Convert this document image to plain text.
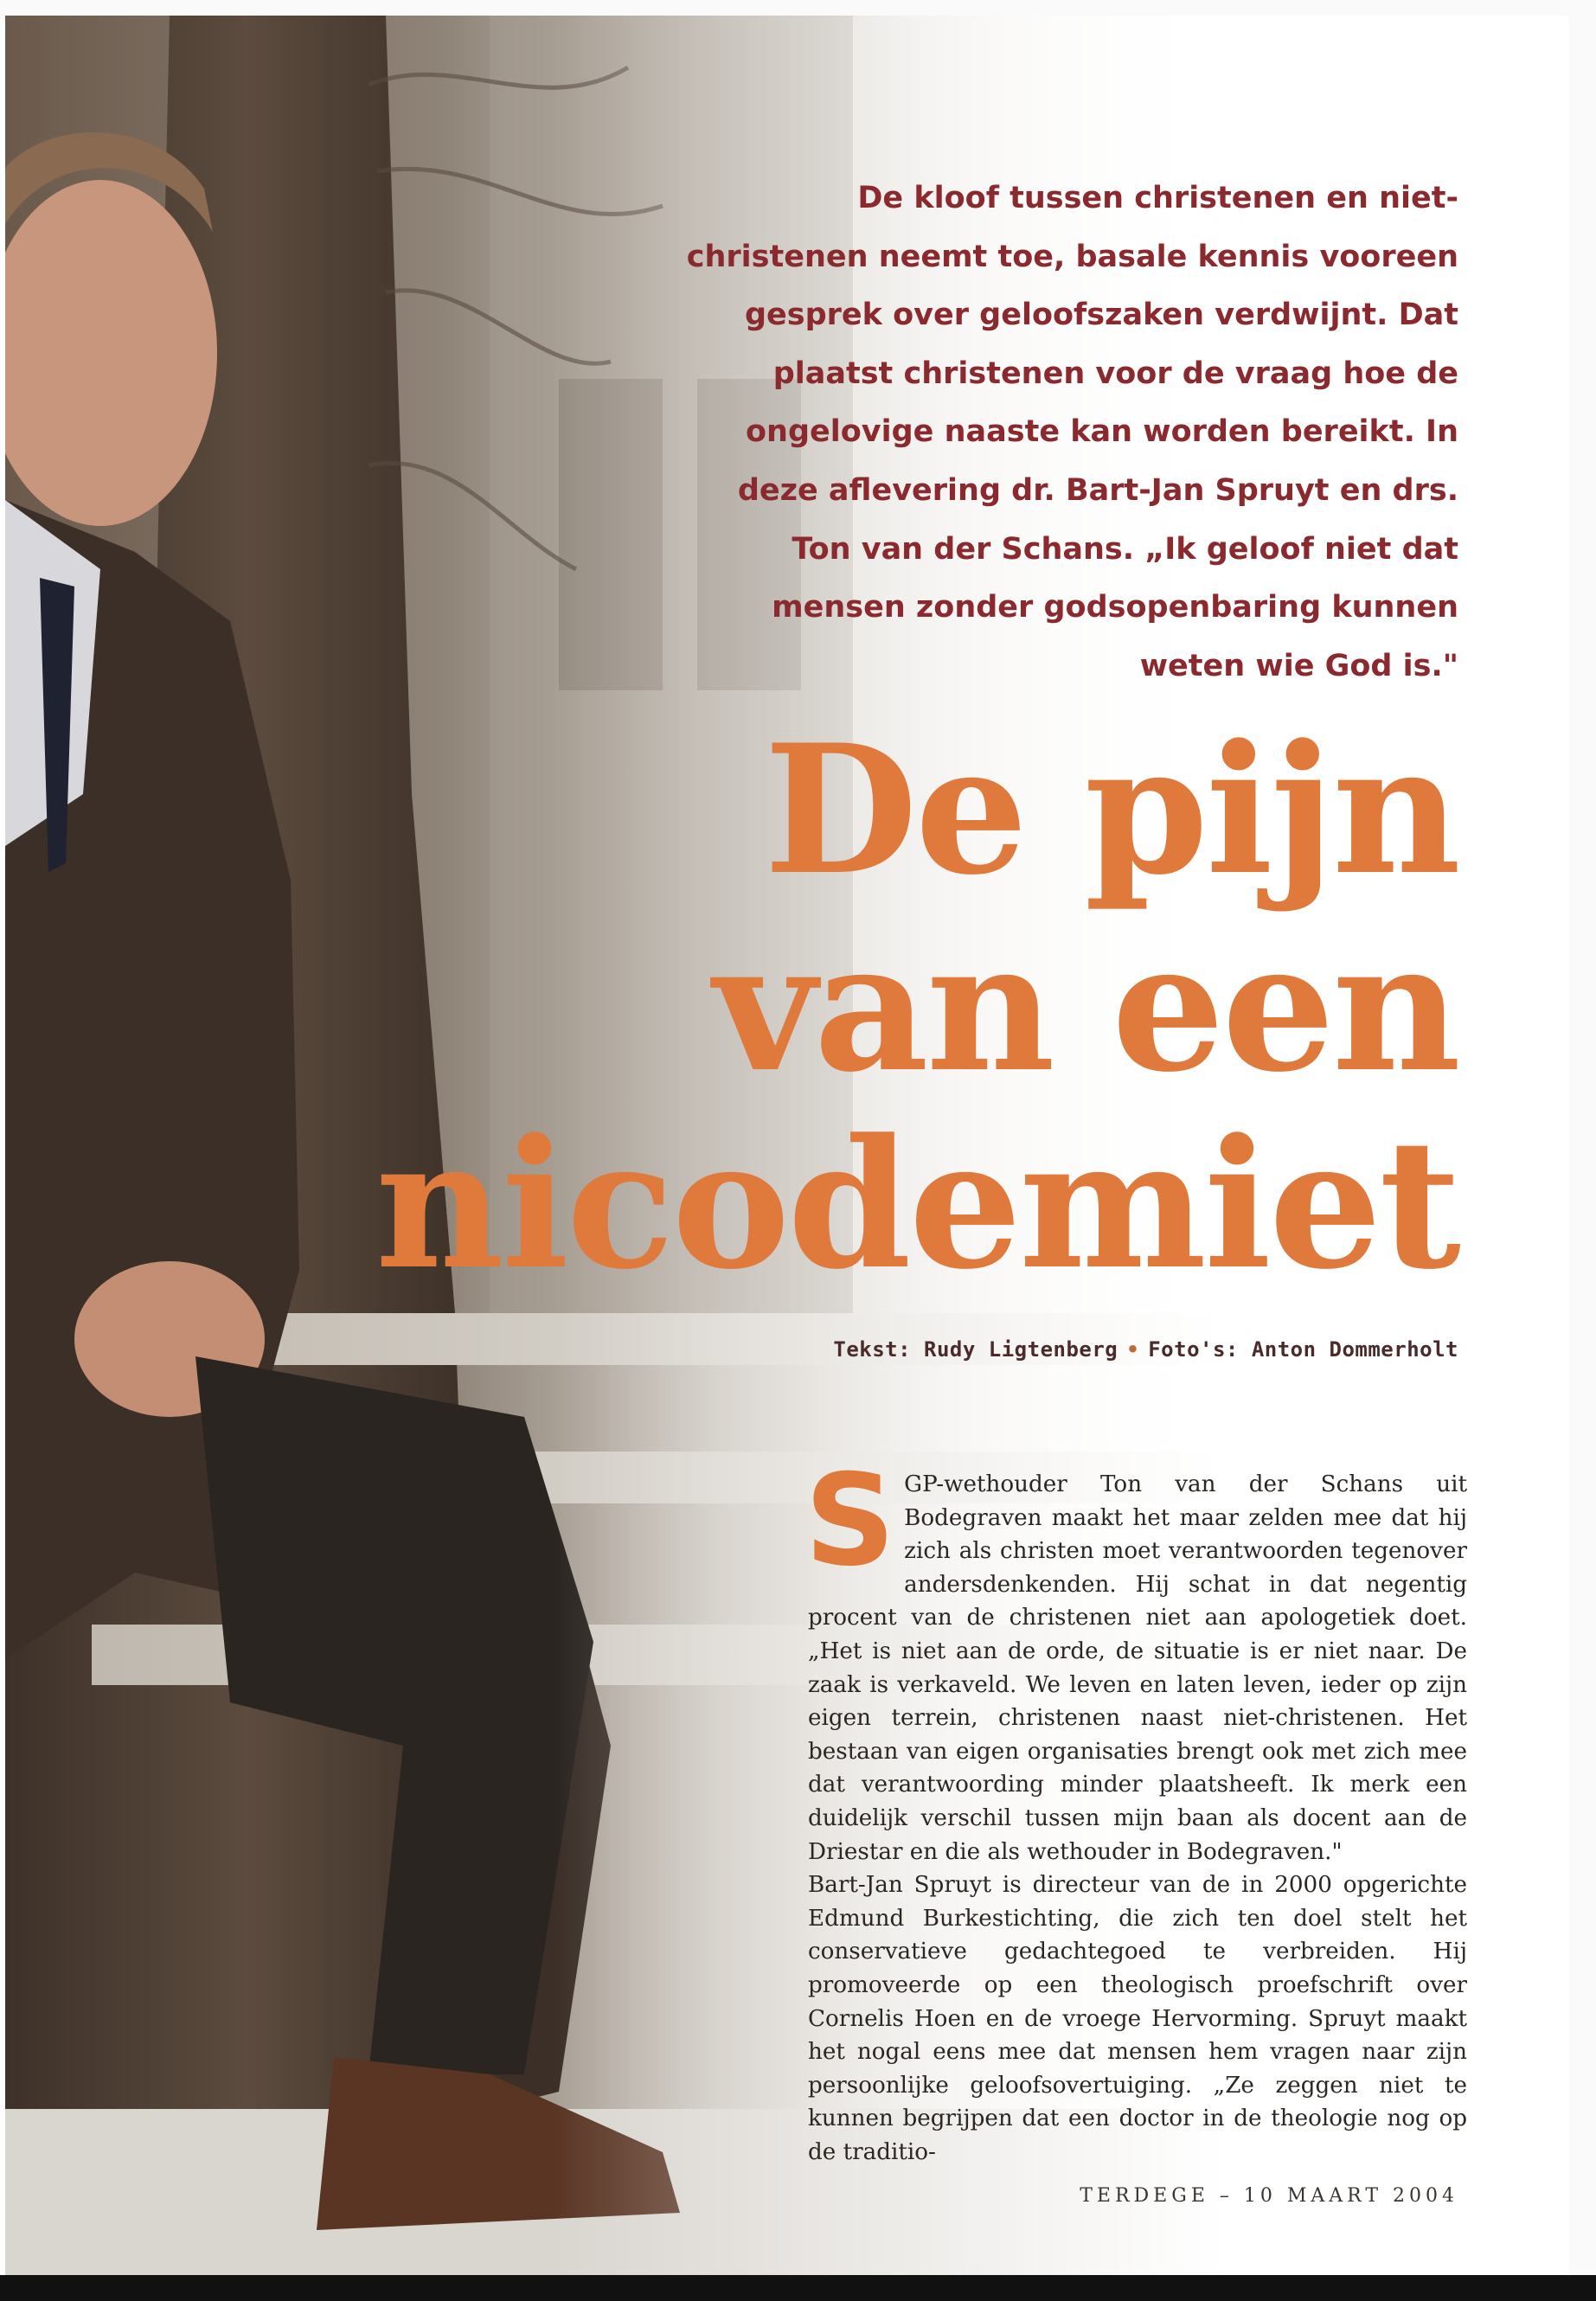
De kloof tussen christenen en niet-christenen neemt toe, basale kennis vooreen gesprek over geloofszaken verdwijnt. Dat plaatst christenen voor de vraag hoe de ongelovige naaste kan worden bereikt. In deze aflevering dr. Bart-Jan Spruyt en drs. Ton van der Schans. „Ik geloof niet dat mensen zonder godsopenbaring kunnen weten wie God is."

De pijn
van een
nicodemiet

Tekst: Rudy Ligtenberg • Foto's: Anton Dommerholt

S GP-wethouder Ton van der Schans uit Bodegraven maakt het maar zelden mee dat hij zich als christen moet verantwoorden tegenover andersdenkenden. Hij schat in dat negentig procent van de christenen niet aan apologetiek doet. „Het is niet aan de orde, de situatie is er niet naar. De zaak is verkaveld. We leven en laten leven, ieder op zijn eigen terrein, christenen naast niet-christenen. Het bestaan van eigen organisaties brengt ook met zich mee dat verantwoording minder plaatsheeft. Ik merk een duidelijk verschil tussen mijn baan als docent aan de Driestar en die als wethouder in Bodegraven."

Bart-Jan Spruyt is directeur van de in 2000 opgerichte Edmund Burkestichting, die zich ten doel stelt het conservatieve gedachtegoed te verbreiden. Hij promoveerde op een theologisch proefschrift over Cornelis Hoen en de vroege Hervorming. Spruyt maakt het nogal eens mee dat mensen hem vragen naar zijn persoonlijke geloofsovertuiging. „Ze zeggen niet te kunnen begrijpen dat een doctor in de theologie nog op de traditio-

TERDEGE – 10 MAART 2004
